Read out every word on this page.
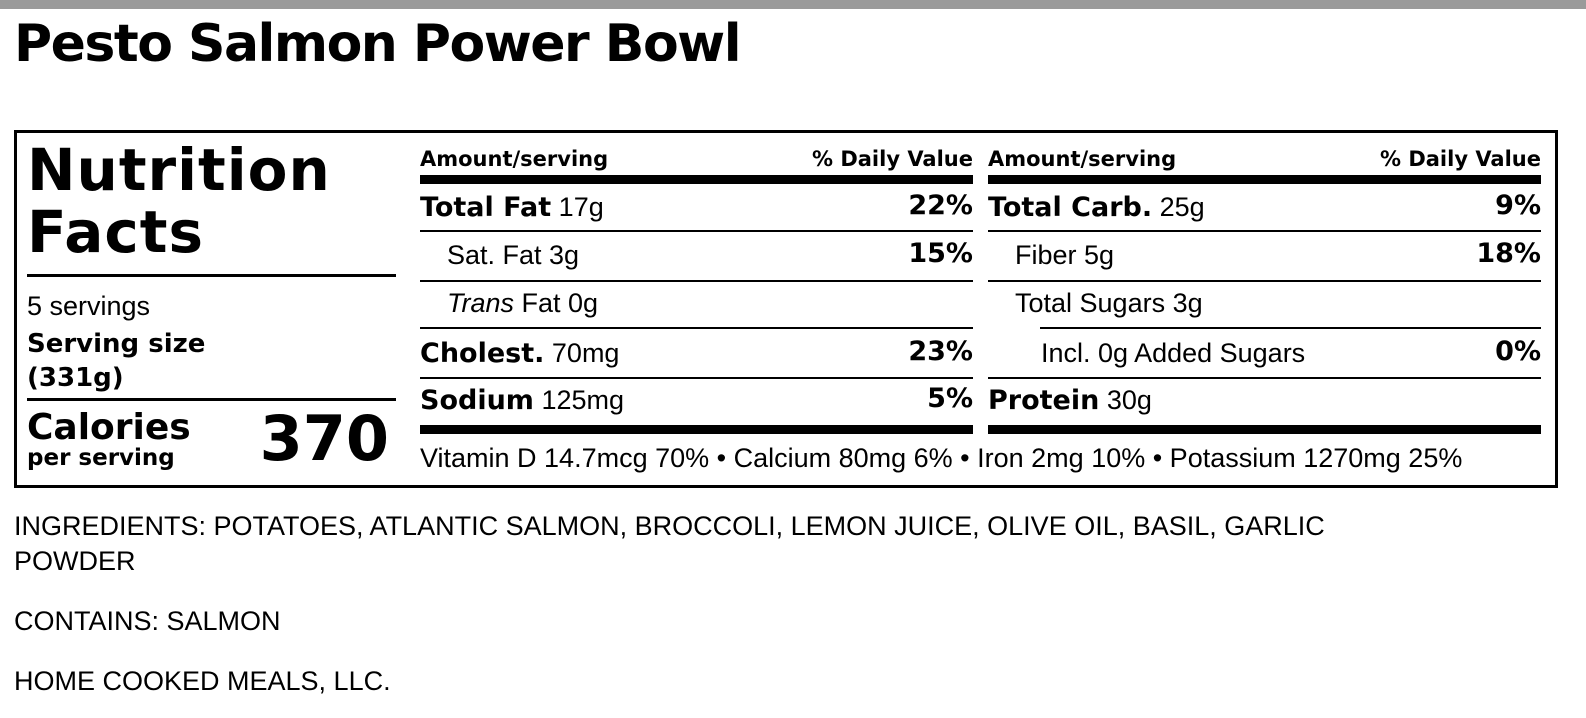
Pesto Salmon Power Bowl
Nutrition
Facts
5 servings
Serving size
(331g)
Calories
per serving 370
Amount/serving	% Daily Value
Total Fat 17g	22%
Sat. Fat 3g	15%
Trans Fat 0g
Cholest. 70mg	23%
Sodium 125mg	5%
Amount/serving	% Daily Value
Total Carb. 25g	9%
Fiber 5g	18%
Total Sugars 3g
Incl. 0g Added Sugars	0%
Protein 30g
Vitamin D 14.7mcg 70% • Calcium 80mg 6% • Iron 2mg 10% • Potassium 1270mg 25%
INGREDIENTS: POTATOES, ATLANTIC SALMON, BROCCOLI, LEMON JUICE, OLIVE OIL, BASIL, GARLIC
POWDER
CONTAINS: SALMON
HOME COOKED MEALS, LLC.
